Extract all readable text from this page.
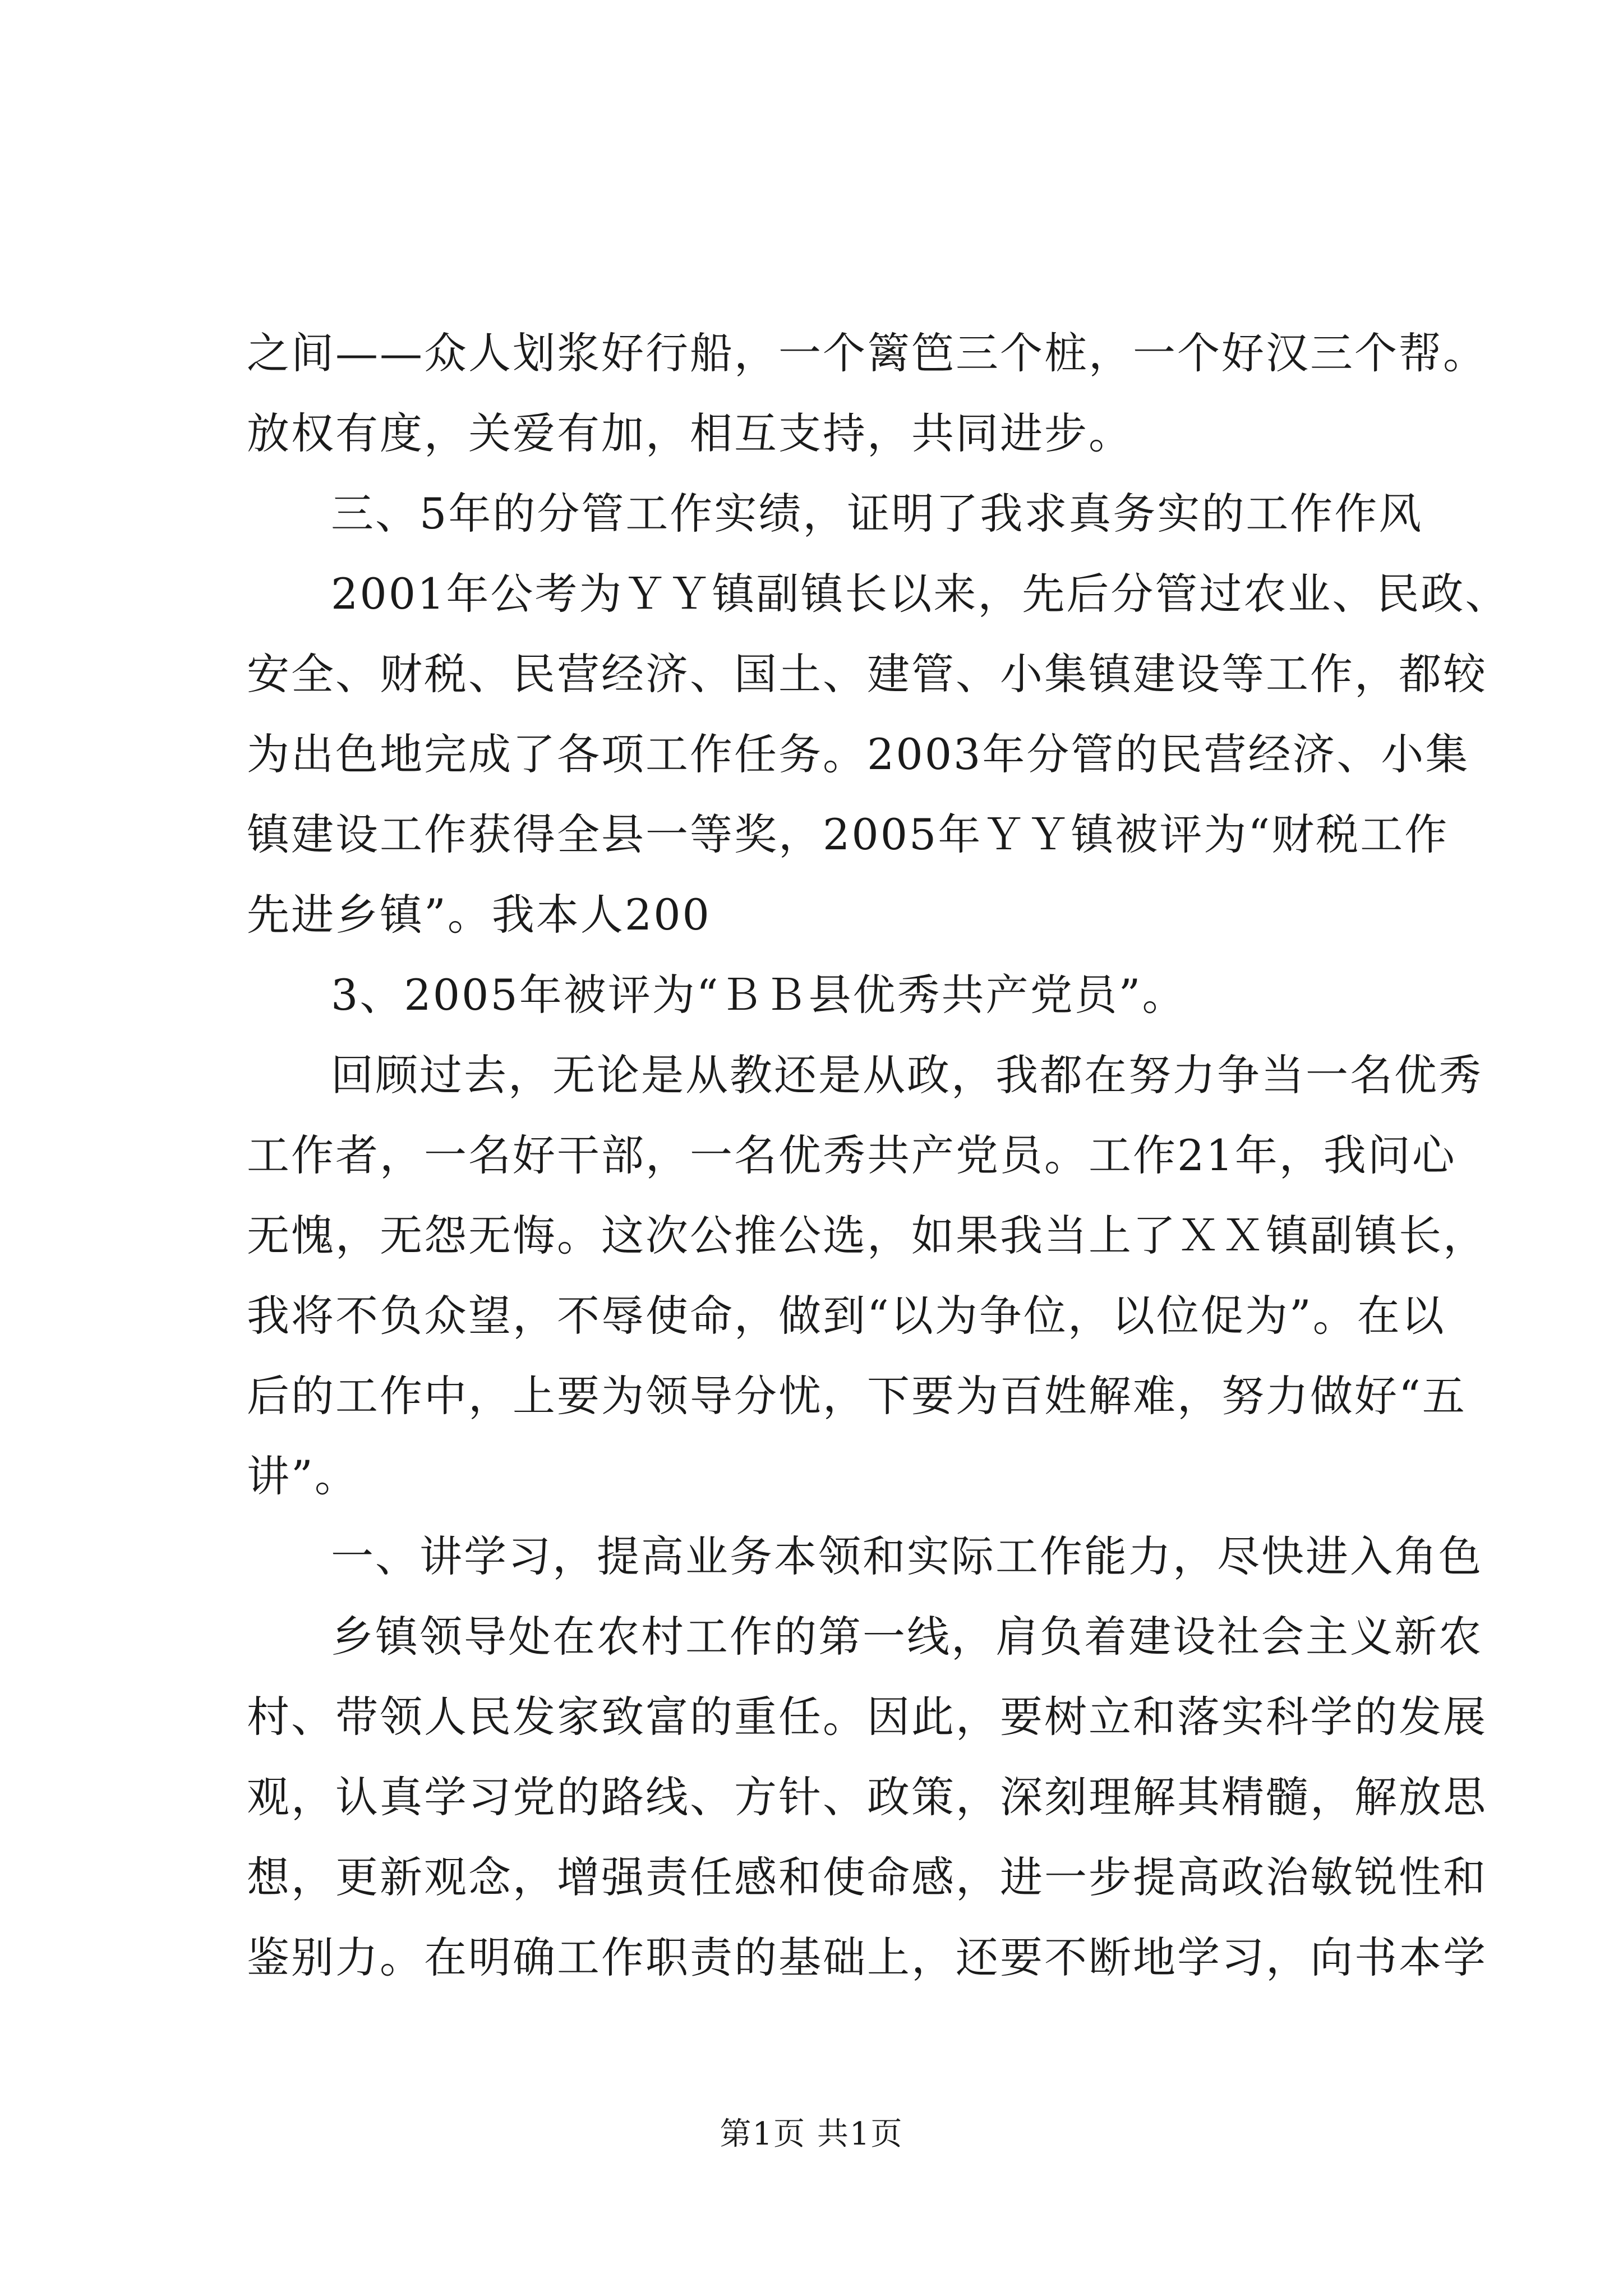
之间——众人划浆好行船，一个篱笆三个桩，一个好汉三个帮。
放权有度，关爱有加，相互支持，共同进步。
三、5年的分管工作实绩，证明了我求真务实的工作作风
2001年公考为ＹＹ镇副镇长以来，先后分管过农业、民政、
安全、财税、民营经济、国土、建管、小集镇建设等工作，都较
为出色地完成了各项工作任务。2003年分管的民营经济、小集
镇建设工作获得全县一等奖，2005年ＹＹ镇被评为“财税工作
先进乡镇”。我本人200
3、2005年被评为“ＢＢ县优秀共产党员”。
回顾过去，无论是从教还是从政，我都在努力争当一名优秀
工作者，一名好干部，一名优秀共产党员。工作21年，我问心
无愧，无怨无悔。这次公推公选，如果我当上了ＸＸ镇副镇长，
我将不负众望，不辱使命，做到“以为争位，以位促为”。在以
后的工作中，上要为领导分忧，下要为百姓解难，努力做好“五
讲”。
一、讲学习，提高业务本领和实际工作能力，尽快进入角色
乡镇领导处在农村工作的第一线，肩负着建设社会主义新农
村、带领人民发家致富的重任。因此，要树立和落实科学的发展
观，认真学习党的路线、方针、政策，深刻理解其精髓，解放思
想，更新观念，增强责任感和使命感，进一步提高政治敏锐性和
鉴别力。在明确工作职责的基础上，还要不断地学习，向书本学
第1页 共1页
